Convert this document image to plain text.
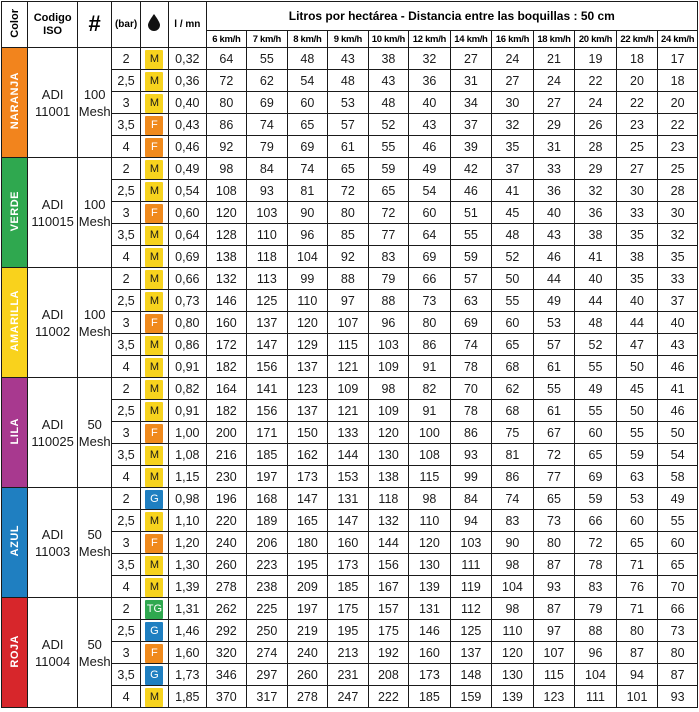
Color	Codigo ISO	#	(bar)		l / mn	Litros por hectárea - Distancia entre las boquillas : 50 cm											
						6 km/h	7 km/h	8 km/h	9 km/h	10 km/h	12 km/h	14 km/h	16 km/h	18 km/h	20 km/h	22 km/h	24 km/h
NARANJA	ADI 11001	100 Mesh	2	M	0,32	64	55	48	43	38	32	27	24	21	19	18	17
			2,5	M	0,36	72	62	54	48	43	36	31	27	24	22	20	18
			3	M	0,40	80	69	60	53	48	40	34	30	27	24	22	20
			3,5	F	0,43	86	74	65	57	52	43	37	32	29	26	23	22
			4	F	0,46	92	79	69	61	55	46	39	35	31	28	25	23
VERDE	ADI 110015	100 Mesh	2	M	0,49	98	84	74	65	59	49	42	37	33	29	27	25
			2,5	M	0,54	108	93	81	72	65	54	46	41	36	32	30	28
			3	F	0,60	120	103	90	80	72	60	51	45	40	36	33	30
			3,5	M	0,64	128	110	96	85	77	64	55	48	43	38	35	32
			4	M	0,69	138	118	104	92	83	69	59	52	46	41	38	35
AMARILLA	ADI 11002	100 Mesh	2	M	0,66	132	113	99	88	79	66	57	50	44	40	35	33
			2,5	M	0,73	146	125	110	97	88	73	63	55	49	44	40	37
			3	F	0,80	160	137	120	107	96	80	69	60	53	48	44	40
			3,5	M	0,86	172	147	129	115	103	86	74	65	57	52	47	43
			4	M	0,91	182	156	137	121	109	91	78	68	61	55	50	46
LILA	ADI 110025	50 Mesh	2	M	0,82	164	141	123	109	98	82	70	62	55	49	45	41
			2,5	M	0,91	182	156	137	121	109	91	78	68	61	55	50	46
			3	F	1,00	200	171	150	133	120	100	86	75	67	60	55	50
			3,5	M	1,08	216	185	162	144	130	108	93	81	72	65	59	54
			4	M	1,15	230	197	173	153	138	115	99	86	77	69	63	58
AZUL	ADI 11003	50 Mesh	2	G	0,98	196	168	147	131	118	98	84	74	65	59	53	49
			2,5	M	1,10	220	189	165	147	132	110	94	83	73	66	60	55
			3	F	1,20	240	206	180	160	144	120	103	90	80	72	65	60
			3,5	M	1,30	260	223	195	173	156	130	111	98	87	78	71	65
			4	M	1,39	278	238	209	185	167	139	119	104	93	83	76	70
ROJA	ADI 11004	50 Mesh	2	TG	1,31	262	225	197	175	157	131	112	98	87	79	71	66
			2,5	G	1,46	292	250	219	195	175	146	125	110	97	88	80	73
			3	F	1,60	320	274	240	213	192	160	137	120	107	96	87	80
			3,5	G	1,73	346	297	260	231	208	173	148	130	115	104	94	87
			4	M	1,85	370	317	278	247	222	185	159	139	123	111	101	93
